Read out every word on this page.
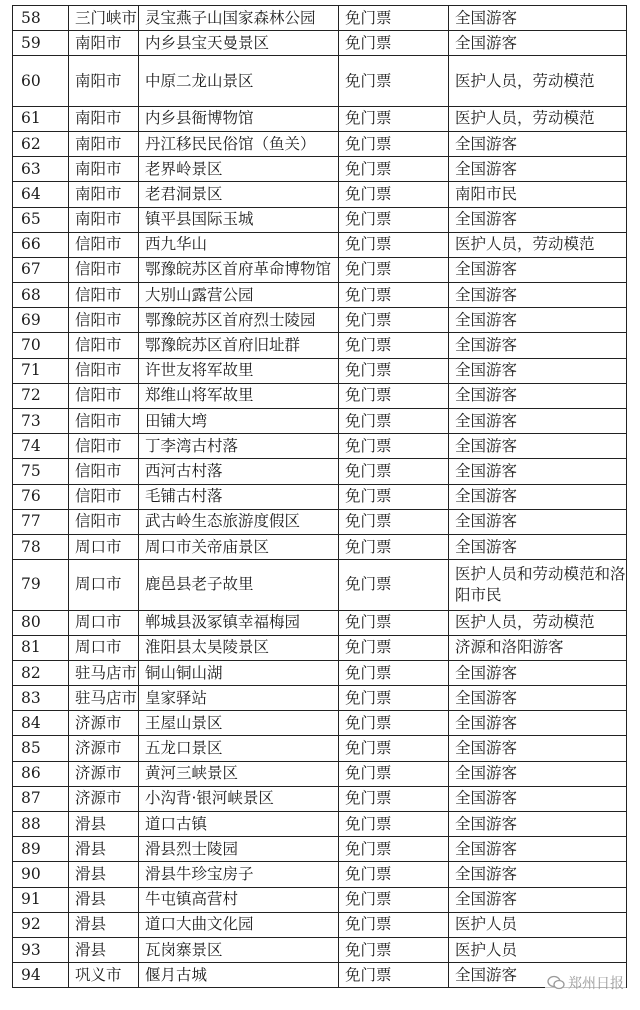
58	三门峡市	灵宝燕子山国家森林公园	免门票	全国游客
59	南阳市	内乡县宝天曼景区	免门票	全国游客
60	南阳市	中原二龙山景区	免门票	医护人员，劳动模范
61	南阳市	内乡县衙博物馆	免门票	医护人员，劳动模范
62	南阳市	丹江移民民俗馆（鱼关）	免门票	全国游客
63	南阳市	老界岭景区	免门票	全国游客
64	南阳市	老君洞景区	免门票	南阳市民
65	南阳市	镇平县国际玉城	免门票	全国游客
66	信阳市	西九华山	免门票	医护人员，劳动模范
67	信阳市	鄂豫皖苏区首府革命博物馆	免门票	全国游客
68	信阳市	大别山露营公园	免门票	全国游客
69	信阳市	鄂豫皖苏区首府烈士陵园	免门票	全国游客
70	信阳市	鄂豫皖苏区首府旧址群	免门票	全国游客
71	信阳市	许世友将军故里	免门票	全国游客
72	信阳市	郑维山将军故里	免门票	全国游客
73	信阳市	田铺大塆	免门票	全国游客
74	信阳市	丁李湾古村落	免门票	全国游客
75	信阳市	西河古村落	免门票	全国游客
76	信阳市	毛铺古村落	免门票	全国游客
77	信阳市	武古岭生态旅游度假区	免门票	全国游客
78	周口市	周口市关帝庙景区	免门票	全国游客
79	周口市	鹿邑县老子故里	免门票	医护人员和劳动模范和洛阳市民
80	周口市	郸城县汲冢镇幸福梅园	免门票	医护人员，劳动模范
81	周口市	淮阳县太昊陵景区	免门票	济源和洛阳游客
82	驻马店市	铜山铜山湖	免门票	全国游客
83	驻马店市	皇家驿站	免门票	全国游客
84	济源市	王屋山景区	免门票	全国游客
85	济源市	五龙口景区	免门票	全国游客
86	济源市	黄河三峡景区	免门票	全国游客
87	济源市	小沟背·银河峡景区	免门票	全国游客
88	滑县	道口古镇	免门票	全国游客
89	滑县	滑县烈士陵园	免门票	全国游客
90	滑县	滑县牛珍宝房子	免门票	全国游客
91	滑县	牛屯镇高营村	免门票	全国游客
92	滑县	道口大曲文化园	免门票	医护人员
93	滑县	瓦岗寨景区	免门票	医护人员
94	巩义市	偃月古城	免门票	全国游客
郑州日报
